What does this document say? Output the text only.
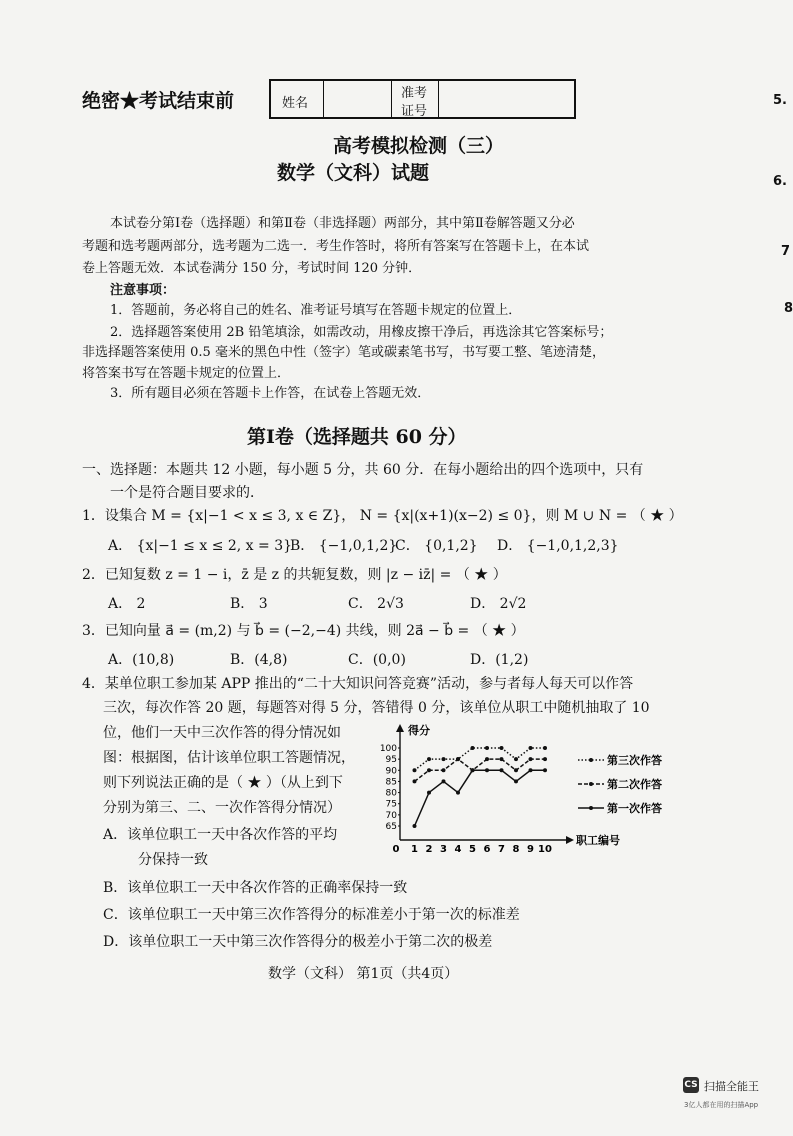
绝密★考试结束前	姓名
准考
证号
5.
6.
7
8
高考模拟检测（三）
数学（文科）试题
本试卷分第Ⅰ卷（选择题）和第Ⅱ卷（非选择题）两部分，其中第Ⅱ卷解答题又分必
考题和选考题两部分，选考题为二选一．考生作答时，将所有答案写在答题卡上，在本试
卷上答题无效．本试卷满分 150 分，考试时间 120 分钟．
注意事项：
1．答题前，务必将自己的姓名、准考证号填写在答题卡规定的位置上．
2．选择题答案使用 2B 铅笔填涂，如需改动，用橡皮擦干净后，再选涂其它答案标号；
非选择题答案使用 0.5 毫米的黑色中性（签字）笔或碳素笔书写，书写要工整、笔迹清楚，
将答案书写在答题卡规定的位置上．
3．所有题目必须在答题卡上作答，在试卷上答题无效．
第Ⅰ卷（选择题共 60 分）
一、选择题：本题共 12 小题，每小题 5 分，共 60 分．在每小题给出的四个选项中，只有
一个是符合题目要求的．
1．设集合 M = {x|−1 < x ≤ 3, x ∈ Z}， N = {x|(x+1)(x−2) ≤ 0}，则 M ∪ N = （ ★ ）
A． {x|−1 ≤ x ≤ 2, x = 3}
B． {−1,0,1,2}
C． {0,1,2} D． {−1,0,1,2,3}
2．已知复数 z = 1 − i，z̄ 是 z 的共轭复数，则 |z − iz̄| = （ ★ ）
A． 2	B． 3	C． 2√3	D． 2√2
3．已知向量 a⃗ = (m,2) 与 b⃗ = (−2,−4) 共线，则 2a⃗ − b⃗ = （ ★ ）
A．(10,8)	B．(4,8)	C．(0,0)	D．(1,2)
4．某单位职工参加某 APP 推出的“二十大知识问答竞赛”活动，参与者每人每天可以作答
三次，每次作答 20 题，每题答对得 5 分，答错得 0 分，该单位从职工中随机抽取了 10
位，他们一天中三次作答的得分情况如
图：根据图，估计该单位职工答题情况，
则下列说法正确的是（ ★ ）（从上到下
分别为第三、二、一次作答得分情况）
A．该单位职工一天中各次作答的平均
分保持一致
B．该单位职工一天中各次作答的正确率保持一致
C．该单位职工一天中第三次作答得分的标准差小于第一次的标准差
D．该单位职工一天中第三次作答得分的极差小于第二次的极差
得分
职工编号
65
70
75
80
85
90
95
100
0 1 2 3 4 5 6 7 8 9 10
第三次作答
第二次作答
第一次作答
数学（文科） 第1页（共4页）
CS 扫描全能王
3亿人都在用的扫描App
